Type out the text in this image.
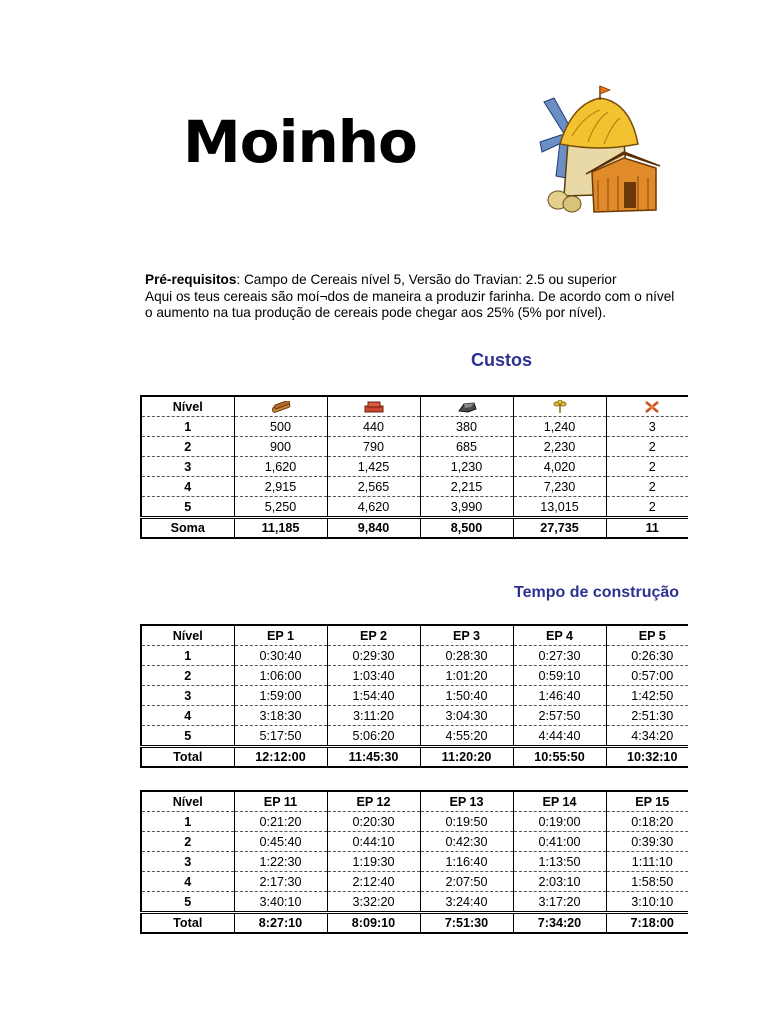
Moinho
Pré-requisitos: Campo de Cereais nível 5, Versão do Travian: 2.5 ou superior
Aqui os teus cereais são moí¬dos de maneira a produzir farinha. De acordo com o nível
o aumento na tua produção de cereais pode chegar aos 25% (5% por nível).
Custos
Nível					
1	500	440	380	1,240	3
2	900	790	685	2,230	2
3	1,620	1,425	1,230	4,020	2
4	2,915	2,565	2,215	7,230	2
5	5,250	4,620	3,990	13,015	2
Soma	11,185	9,840	8,500	27,735	11
Tempo de construção
Nível	EP 1	EP 2	EP 3	EP 4	EP 5
1	0:30:40	0:29:30	0:28:30	0:27:30	0:26:30
2	1:06:00	1:03:40	1:01:20	0:59:10	0:57:00
3	1:59:00	1:54:40	1:50:40	1:46:40	1:42:50
4	3:18:30	3:11:20	3:04:30	2:57:50	2:51:30
5	5:17:50	5:06:20	4:55:20	4:44:40	4:34:20
Total	12:12:00	11:45:30	11:20:20	10:55:50	10:32:10
Nível	EP 11	EP 12	EP 13	EP 14	EP 15
1	0:21:20	0:20:30	0:19:50	0:19:00	0:18:20
2	0:45:40	0:44:10	0:42:30	0:41:00	0:39:30
3	1:22:30	1:19:30	1:16:40	1:13:50	1:11:10
4	2:17:30	2:12:40	2:07:50	2:03:10	1:58:50
5	3:40:10	3:32:20	3:24:40	3:17:20	3:10:10
Total	8:27:10	8:09:10	7:51:30	7:34:20	7:18:00
